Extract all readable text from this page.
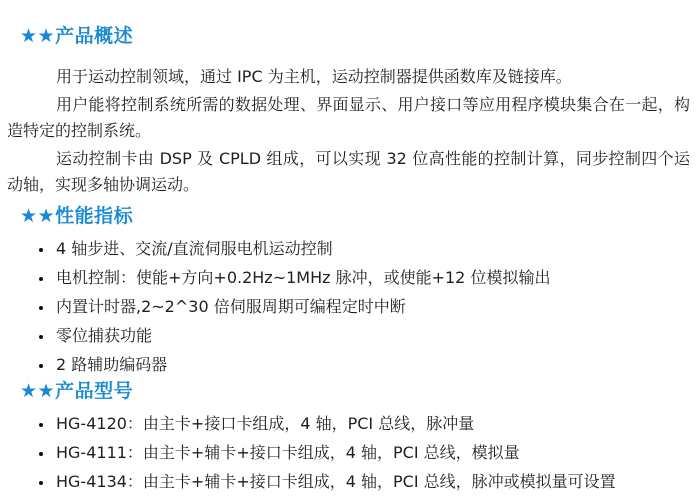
★★产品概述

用于运动控制领域，通过 IPC 为主机，运动控制器提供函数库及链接库。

用户能将控制系统所需的数据处理、界面显示、用户接口等应用程序模块集合在一起，构造特定的控制系统。

运动控制卡由 DSP 及 CPLD 组成，可以实现 32 位高性能的控制计算，同步控制四个运动轴，实现多轴协调运动。

★★性能指标
• 4 轴步进、交流/直流伺服电机运动控制
• 电机控制：使能+方向+0.2Hz~1MHz 脉冲，或使能+12 位模拟输出
• 内置计时器,2~2^30 倍伺服周期可编程定时中断
• 零位捕获功能
• 2 路辅助编码器
★★产品型号
• HG-4120：由主卡+接口卡组成，4 轴，PCI 总线，脉冲量
• HG-4111：由主卡+辅卡+接口卡组成，4 轴，PCI 总线，模拟量
• HG-4134：由主卡+辅卡+接口卡组成，4 轴，PCI 总线，脉冲或模拟量可设置
